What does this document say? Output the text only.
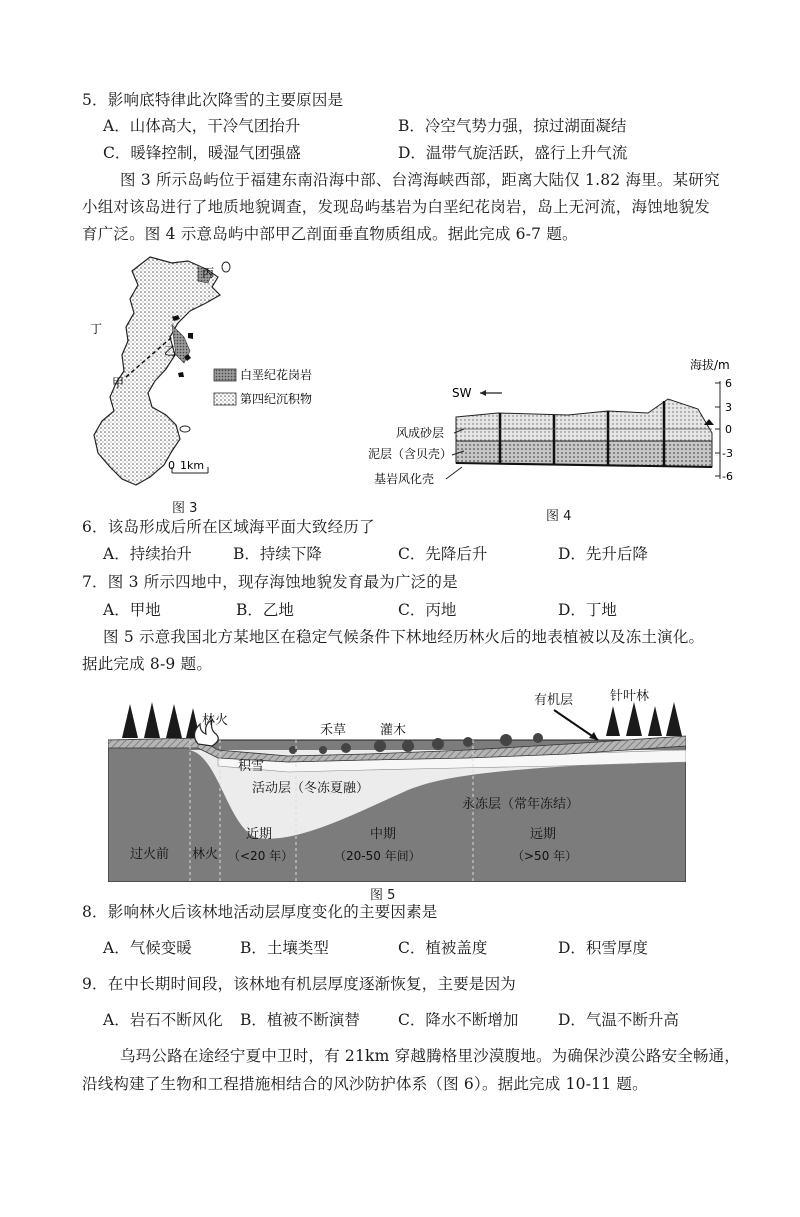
5．影响底特律此次降雪的主要原因是
A．山体高大，干冷气团抬升	B．冷空气势力强，掠过湖面凝结
C．暖锋控制，暖湿气团强盛	D．温带气旋活跃，盛行上升气流
图 3 所示岛屿位于福建东南沿海中部、台湾海峡西部，距离大陆仅 1.82 海里。某研究
小组对该岛进行了地质地貌调查，发现岛屿基岩为白垩纪花岗岩，岛上无河流，海蚀地貌发
育广泛。图 4 示意岛屿中部甲乙剖面垂直物质组成。据此完成 6-7 题。
丙
丁
乙
甲
白垩纪花岗岩
第四纪沉积物
0 1km
图 3
海拔/m
6
3
0
-3
-6
SW
风成砂层
泥层（含贝壳）
基岩风化壳
图 4
6．该岛形成后所在区域海平面大致经历了
A．持续抬升	B．持续下降	C．先降后升	D．先升后降
7．图 3 所示四地中，现存海蚀地貌发育最为广泛的是
A．甲地	B．乙地	C．丙地	D．丁地
图 5 示意我国北方某地区在稳定气候条件下林地经历林火后的地表植被以及冻土演化。
据此完成 8-9 题。
林火
积雪
禾草	灌木
有机层	针叶林
活动层（冬冻夏融）
永冻层（常年冻结）
过火前 林火
近期
（<20 年）
中期
（20-50 年间）
远期
（>50 年）
图 5
8．影响林火后该林地活动层厚度变化的主要因素是
A．气候变暖	B．土壤类型	C．植被盖度	D．积雪厚度
9．在中长期时间段，该林地有机层厚度逐渐恢复，主要是因为
A．岩石不断风化 B．植被不断演替 C．降水不断增加	D．气温不断升高
乌玛公路在途经宁夏中卫时，有 21km 穿越腾格里沙漠腹地。为确保沙漠公路安全畅通，
沿线构建了生物和工程措施相结合的风沙防护体系（图 6）。据此完成 10-11 题。
